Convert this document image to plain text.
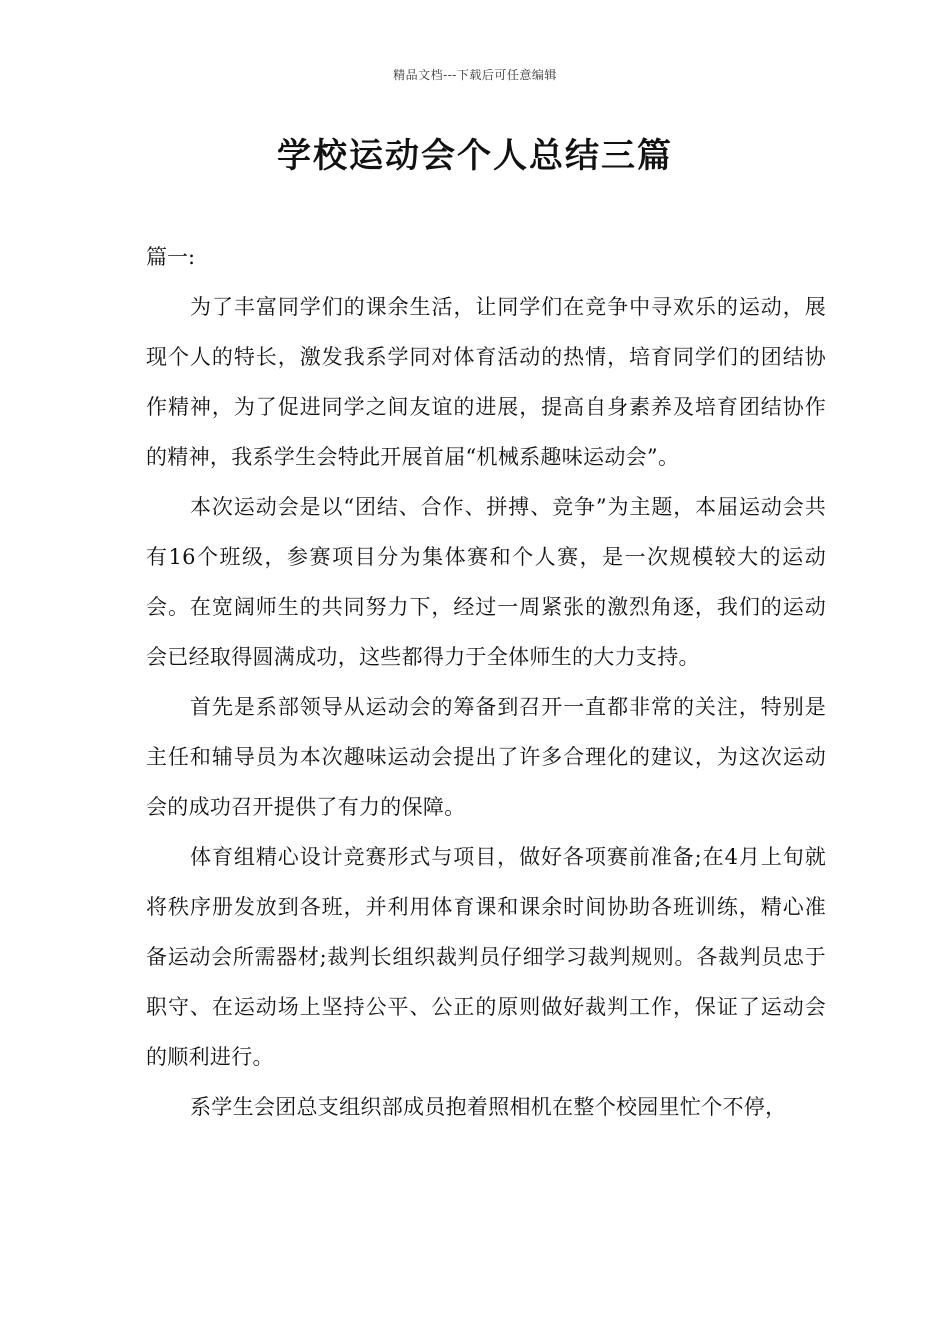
精品文档---下载后可任意编辑
学校运动会个人总结三篇
篇一:

为了丰富同学们的课余生活，让同学们在竞争中寻欢乐的运动，展现个人的特长，激发我系学同对体育活动的热情，培育同学们的团结协作精神，为了促进同学之间友谊的进展，提高自身素养及培育团结协作的精神，我系学生会特此开展首届“机械系趣味运动会”。

本次运动会是以“团结、合作、拼搏、竞争”为主题，本届运动会共有16个班级，参赛项目分为集体赛和个人赛，是一次规模较大的运动会。在宽阔师生的共同努力下，经过一周紧张的激烈角逐，我们的运动会已经取得圆满成功，这些都得力于全体师生的大力支持。

首先是系部领导从运动会的筹备到召开一直都非常的关注，特别是主任和辅导员为本次趣味运动会提出了许多合理化的建议，为这次运动会的成功召开提供了有力的保障。

体育组精心设计竞赛形式与项目，做好各项赛前准备;在4月上旬就将秩序册发放到各班，并利用体育课和课余时间协助各班训练，精心准备运动会所需器材;裁判长组织裁判员仔细学习裁判规则。各裁判员忠于职守、在运动场上坚持公平、公正的原则做好裁判工作，保证了运动会的顺利进行。

系学生会团总支组织部成员抱着照相机在整个校园里忙个不停，
